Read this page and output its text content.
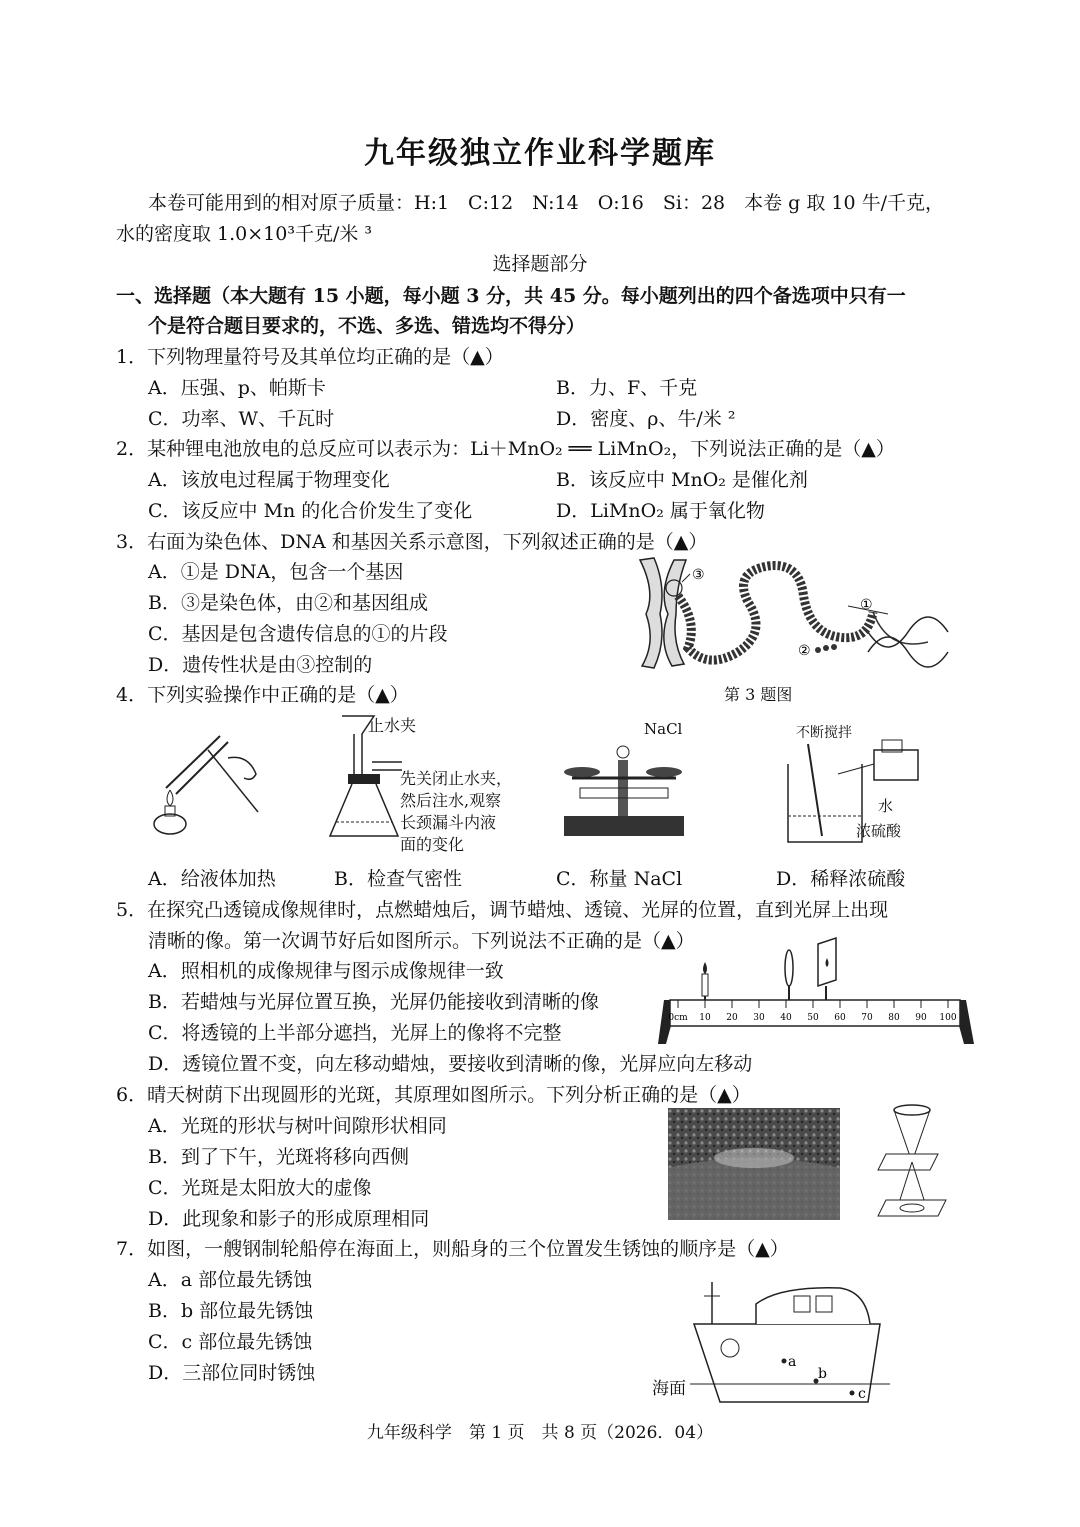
九年级独立作业科学题库
本卷可能用到的相对原子质量：H:1　C:12　N:14　O:16　Si：28　本卷 g 取 10 牛/千克，
水的密度取 1.0×10³千克/米 ³
选择题部分
一、选择题（本大题有 15 小题，每小题 3 分，共 45 分。每小题列出的四个备选项中只有一
个是符合题目要求的，不选、多选、错选均不得分）
1．下列物理量符号及其单位均正确的是（▲）
A．压强、p、帕斯卡	B．力、F、千克
C．功率、W、千瓦时	D．密度、ρ、牛/米 ²
2．某种锂电池放电的总反应可以表示为：Li＋MnO₂ ══ LiMnO₂，下列说法正确的是（▲）
A．该放电过程属于物理变化	B．该反应中 MnO₂ 是催化剂
C．该反应中 Mn 的化合价发生了变化	D．LiMnO₂ 属于氧化物
3．右面为染色体、DNA 和基因关系示意图，下列叙述正确的是（▲）
A．①是 DNA，包含一个基因
B．③是染色体，由②和基因组成
C．基因是包含遗传信息的①的片段
D．遗传性状是由③控制的
③
①
②
第 3 题图
4．下列实验操作中正确的是（▲）
止水夹
先关闭止水夹，
然后注水,观察
长颈漏斗内液
面的变化
NaCl	不断搅拌
水
浓硫酸
A．给液体加热	B．检查气密性	C．称量 NaCl	D．稀释浓硫酸
5．在探究凸透镜成像规律时，点燃蜡烛后，调节蜡烛、透镜、光屏的位置，直到光屏上出现
清晰的像。第一次调节好后如图所示。下列说法不正确的是（▲）
A．照相机的成像规律与图示成像规律一致
B．若蜡烛与光屏位置互换，光屏仍能接收到清晰的像
C．将透镜的上半部分遮挡，光屏上的像将不完整
D．透镜位置不变，向左移动蜡烛，要接收到清晰的像，光屏应向左移动
0cm 10 20 30 40 50 60 70 80 90 100
6．晴天树荫下出现圆形的光斑，其原理如图所示。下列分析正确的是（▲）
A．光斑的形状与树叶间隙形状相同
B．到了下午，光斑将移向西侧
C．光斑是太阳放大的虚像
D．此现象和影子的形成原理相同
7．如图，一艘钢制轮船停在海面上，则船身的三个位置发生锈蚀的顺序是（▲）
A．a 部位最先锈蚀
B．b 部位最先锈蚀
C．c 部位最先锈蚀
D．三部位同时锈蚀	a
b
c
海面
九年级科学　第 1 页　共 8 页（2026．04）
